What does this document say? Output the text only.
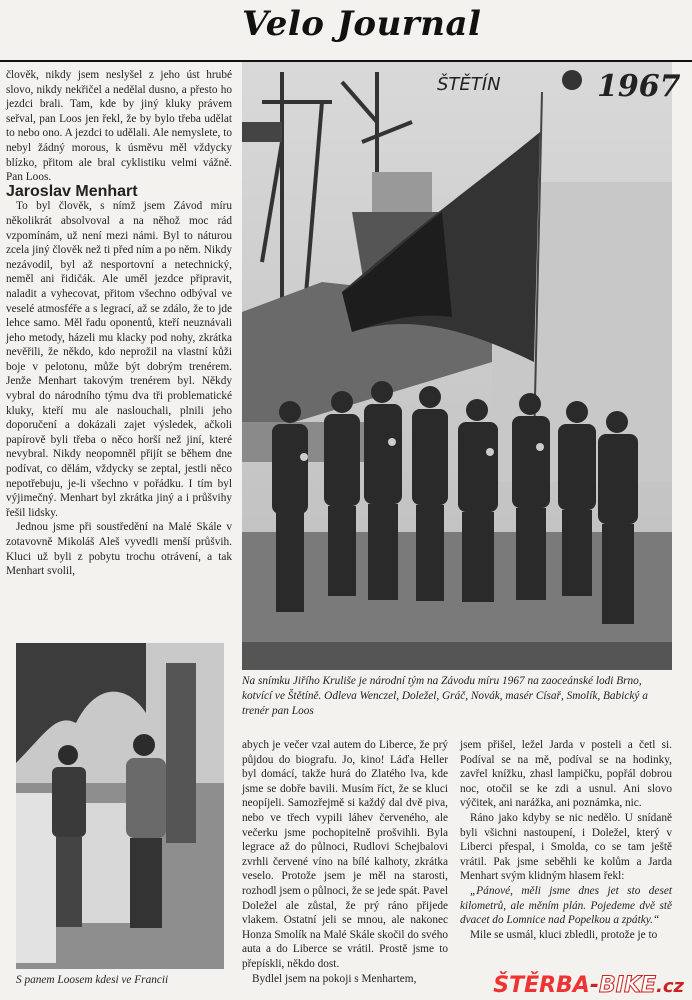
Velo Journal

člověk, nikdy jsem neslyšel z jeho úst hrubé slovo, nikdy nekřičel a nedělal dusno, a přesto ho jezdci brali. Tam, kde by jiný kluky právem seřval, pan Loos jen řekl, že by bylo třeba udělat to nebo ono. A jezdci to udělali. Ale nemyslete, to nebyl žádný morous, k úsměvu měl vždycky blízko, přitom ale bral cyklistiku velmi vážně. Pan Loos.

Jaroslav Menhart

To byl člověk, s nímž jsem Závod míru několikrát absolvoval a na něhož moc rád vzpomínám, už není mezi námi. Byl to náturou zcela jiný člověk než ti před ním a po něm. Nikdy nezávodil, byl až nesportovní a netechnický, neměl ani řidičák. Ale uměl jezdce připravit, naladit a vyhecovat, přitom všechno odbýval ve veselé atmosféře a s legrací, až se zdálo, že to jde lehce samo. Měl řadu oponentů, kteří neuznávali jeho metody, házeli mu klacky pod nohy, zkrátka nevěřili, že někdo, kdo neprožil na vlastní kůži boje v pelotonu, může být dobrým trenérem. Jenže Menhart takovým trenérem byl. Někdy vybral do národního týmu dva tři problematické kluky, kteří mu ale naslouchali, plnili jeho doporučení a dokázali zajet výsledek, ačkoli papírově byli třeba o něco horší než jiní, které nevybral. Nikdy neopomněl přijít se během dne podívat, co dělám, vždycky se zeptal, jestli něco nepotřebuju, je-li všechno v pořádku. I tím byl výjimečný. Menhart byl zkrátka jiný a i průšvihy řešil lidsky.

Jednou jsme při soustředění na Malé Skále v zotavovně Mikoláš Aleš vyvedli menší průšvih. Kluci už byli z pobytu trochu otrávení, a tak Menhart svolil,

ŠTĚTÍN	1967
Na snímku Jiřího Kruliše je národní tým na Závodu míru 1967 na zaoceánské lodi Brno, kotvící ve Štětíně. Odleva Wenczel, Doležel, Gráč, Novák, masér Císař, Smolík, Babický a trenér pan Loos
S panem Loosem kdesi ve Francii

abych je večer vzal autem do Liberce, že prý půjdou do biografu. Jo, kino! Láďa Heller byl domácí, takže hurá do Zlatého lva, kde jsme se dobře bavili. Musím říct, že se kluci neopíjeli. Samozřejmě si každý dal dvě piva, nebo ve třech vypili láhev červeného, ale večerku jsme pochopitelně prošvihli. Byla legrace až do půlnoci, Rudlovi Schejbalovi zvrhli červené víno na bílé kalhoty, zkrátka veselo. Protože jsem je měl na starosti, rozhodl jsem o půlnoci, že se jede spát. Pavel Doležel ale zůstal, že prý ráno přijede vlakem. Ostatní jeli se mnou, ale nakonec Honza Smolík na Malé Skále skočil do svého auta a do Liberce se vrátil. Prostě jsme to přepískli, někdo dost.

Bydlel jsem na pokoji s Menhartem,

jsem přišel, ležel Jarda v posteli a četl si. Podíval se na mě, podíval se na hodinky, zavřel knížku, zhasl lampičku, popřál dobrou noc, otočil se ke zdi a usnul. Ani slovo výčitek, ani narážka, ani poznámka, nic.

Ráno jako kdyby se nic nedělo. U snídaně byli všichni nastoupení, i Doležel, který v Liberci přespal, i Smolda, co se tam ještě vrátil. Pak jsme seběhli ke kolům a Jarda Menhart svým klidným hlasem řekl:

„Pánové, měli jsme dnes jet sto deset kilometrů, ale měním plán. Pojedeme dvě stě dvacet do Lomnice nad Popelkou a zpátky.“

Mile se usmál, kluci zbledli, protože je to

ŠTĚRBA-BIKE.cz
